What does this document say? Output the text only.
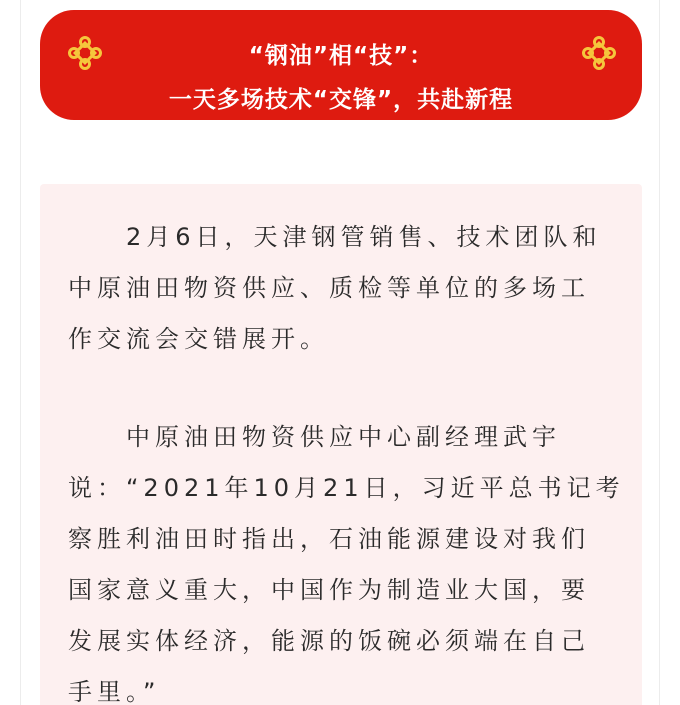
“钢油”相“技”：
一天多场技术“交锋”，共赴新程

　　2月6日，天津钢管销售、技术团队和
中原油田物资供应、质检等单位的多场工
作交流会交错展开。

　　中原油田物资供应中心副经理武宇
说：“2021年10月21日，习近平总书记考
察胜利油田时指出，石油能源建设对我们
国家意义重大，中国作为制造业大国，要
发展实体经济，能源的饭碗必须端在自己
手里。”
